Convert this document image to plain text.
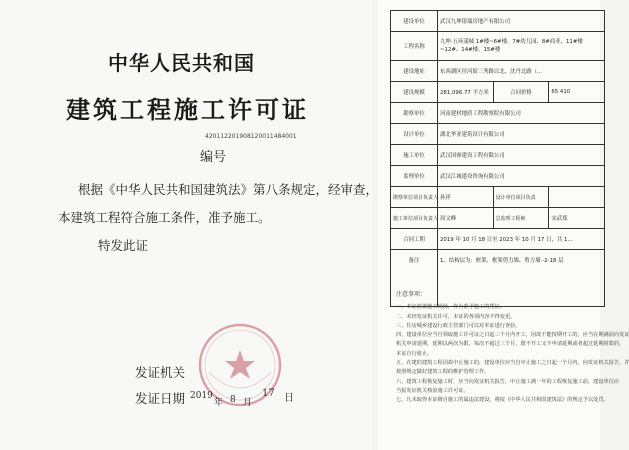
中华人民共和国
建筑工程施工许可证
420112201908120011484001
编号
根据《中华人民共和国建筑法》第八条规定，经审查，
本建筑工程符合施工条件，准予施工。
特发此证
发证机关
发证日期 2019
年 8 月
17 日
建设单位	武汉九坤银瑞房地产有限公司		
工程名称	九坤·五环漾城 1#楼~6#楼、7#幼儿园、8#商业，11#楼~12#、14#楼、15#楼		
建设地址	东西湖区径河街三秀路以北、沈丹北路（...		
建设规模	281,096.77 平方米	合同价格	65 410
勘察单位	河南建材地质工程勘察院有限公司		
设计单位	湖北华亚建筑设计有限公司		
施工单位	武汉国睿建设工程有限公司		
监理单位	武汉江城建设咨询有限公司		
勘察单位项目负责人	孙祥	设计单位项目负责	
施工单位项目负责人	周文峰	总监理工程师	宋武郑
合同工期	2019 年 10 月 18 日至 2023 年 10 月 17 日，共 1...		
备注	1、结构层为：框架、框架剪力墙、剪力墙 -2-18 层		
注意事项：
一、本证放置施工现场，作为准予施工的凭证。
二、未经发证机关许可，本证的各项内容不得变更。
三、住房城乡建设行政主管部门可以对本证进行查验。
四、建设单位应当自领取施工许可证之日起三个月内开工，因故不能按期开工的，应当在期满前向发证
机关申请延期，延期以两次为限，每次不超过三个月，既不开工又不申请延期或者超过延期时限的，
本证自行废止。
五、在建的建筑工程因故中止施工的，建设单位应当自中止施工之日起一个月内，向发证机关报告，并
按照规定做好建筑工程的维护管理工作。
六、建筑工程恢复施工时，应当向发证机关报告，中止施工满一年的工程恢复施工前，建设单位应
当报发证机关核验施工许可证。
七、凡未取得本证擅自施工的属违法建设，将按《中华人民共和国建筑法》的规定予以处罚。
